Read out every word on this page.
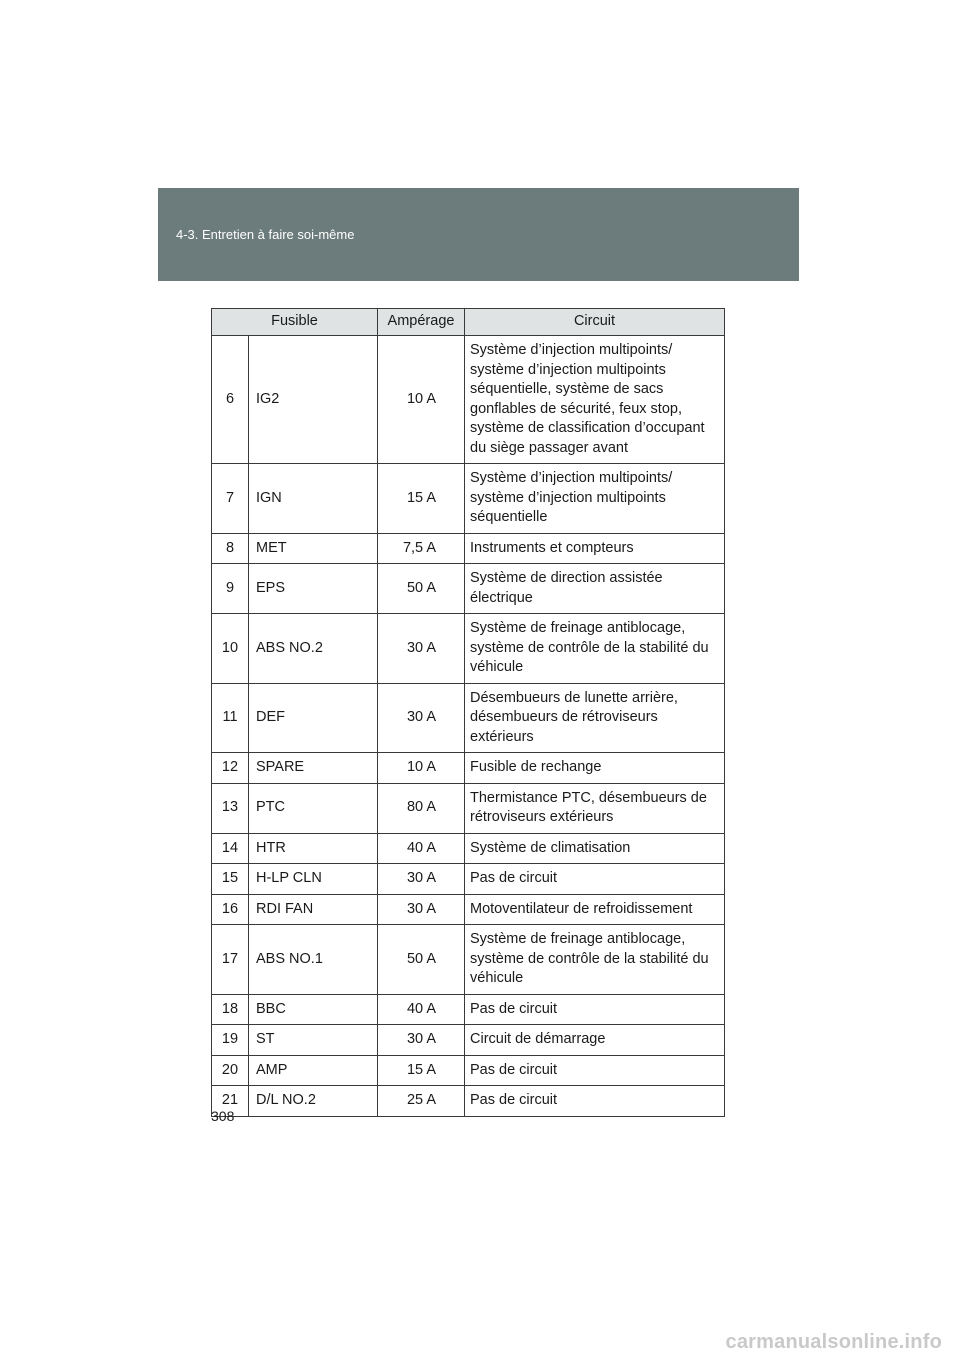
4-3. Entretien à faire soi-même
Fusible		Ampérage	Circuit
6	IG2	10 A	Système d’injection multipoints/ système d’injection multipoints séquentielle, système de sacs gonflables de sécurité, feux stop, système de classification d’occupant du siège passager avant
7	IGN	15 A	Système d’injection multipoints/ système d’injection multipoints séquentielle
8	MET	7,5 A	Instruments et compteurs
9	EPS	50 A	Système de direction assistée électrique
10	ABS NO.2	30 A	Système de freinage antiblocage, système de contrôle de la stabilité du véhicule
11	DEF	30 A	Désembueurs de lunette arrière, désembueurs de rétroviseurs extérieurs
12	SPARE	10 A	Fusible de rechange
13	PTC	80 A	Thermistance PTC, désembueurs de rétroviseurs extérieurs
14	HTR	40 A	Système de climatisation
15	H-LP CLN	30 A	Pas de circuit
16	RDI FAN	30 A	Motoventilateur de refroidissement
17	ABS NO.1	50 A	Système de freinage antiblocage, système de contrôle de la stabilité du véhicule
18	BBC	40 A	Pas de circuit
19	ST	30 A	Circuit de démarrage
20	AMP	15 A	Pas de circuit
21	D/L NO.2	25 A	Pas de circuit
308
carmanualsonline.info
